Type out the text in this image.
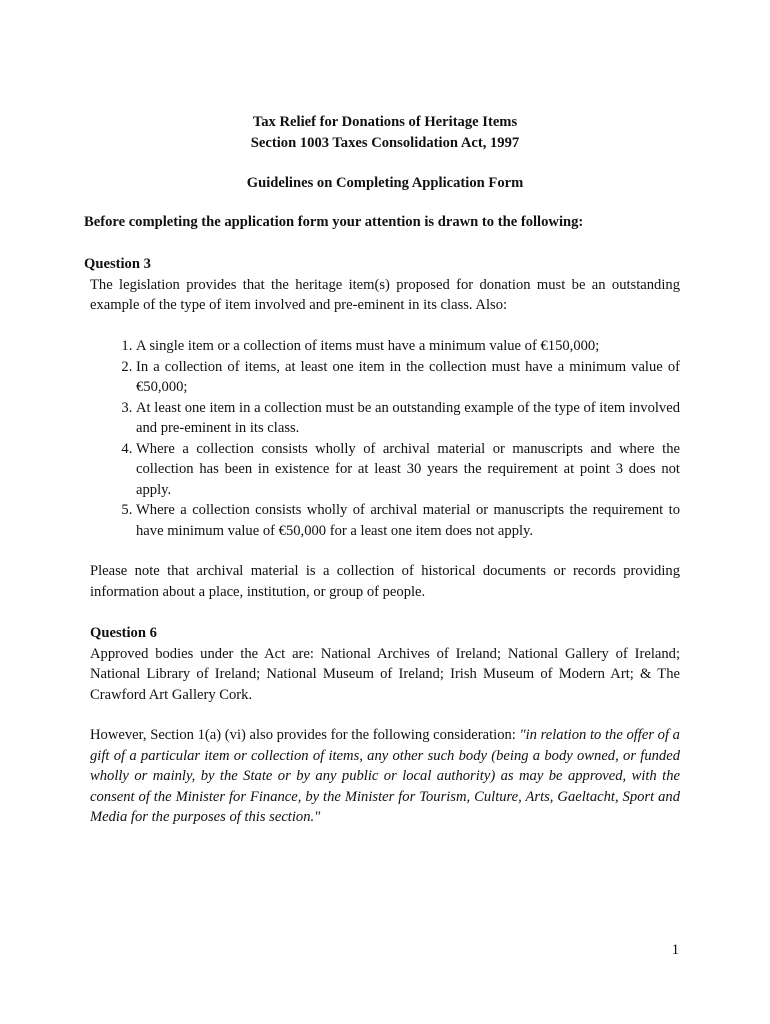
Tax Relief for Donations of Heritage Items
Section 1003 Taxes Consolidation Act, 1997
Guidelines on Completing Application Form
Before completing the application form your attention is drawn to the following:
Question 3
The legislation provides that the heritage item(s) proposed for donation must be an outstanding example of the type of item involved and pre-eminent in its class. Also:
1. A single item or a collection of items must have a minimum value of €150,000;
2. In a collection of items, at least one item in the collection must have a minimum value of €50,000;
3. At least one item in a collection must be an outstanding example of the type of item involved and pre-eminent in its class.
4. Where a collection consists wholly of archival material or manuscripts and where the collection has been in existence for at least 30 years the requirement at point 3 does not apply.
5. Where a collection consists wholly of archival material or manuscripts the requirement to have minimum value of €50,000 for a least one item does not apply.
Please note that archival material is a collection of historical documents or records providing information about a place, institution, or group of people.
Question 6
Approved bodies under the Act are: National Archives of Ireland; National Gallery of Ireland; National Library of Ireland; National Museum of Ireland; Irish Museum of Modern Art; & The Crawford Art Gallery Cork.
However, Section 1(a) (vi) also provides for the following consideration: "in relation to the offer of a gift of a particular item or collection of items, any other such body (being a body owned, or funded wholly or mainly, by the State or by any public or local authority) as may be approved, with the consent of the Minister for Finance, by the Minister for Tourism, Culture, Arts, Gaeltacht, Sport and Media for the purposes of this section."
1
